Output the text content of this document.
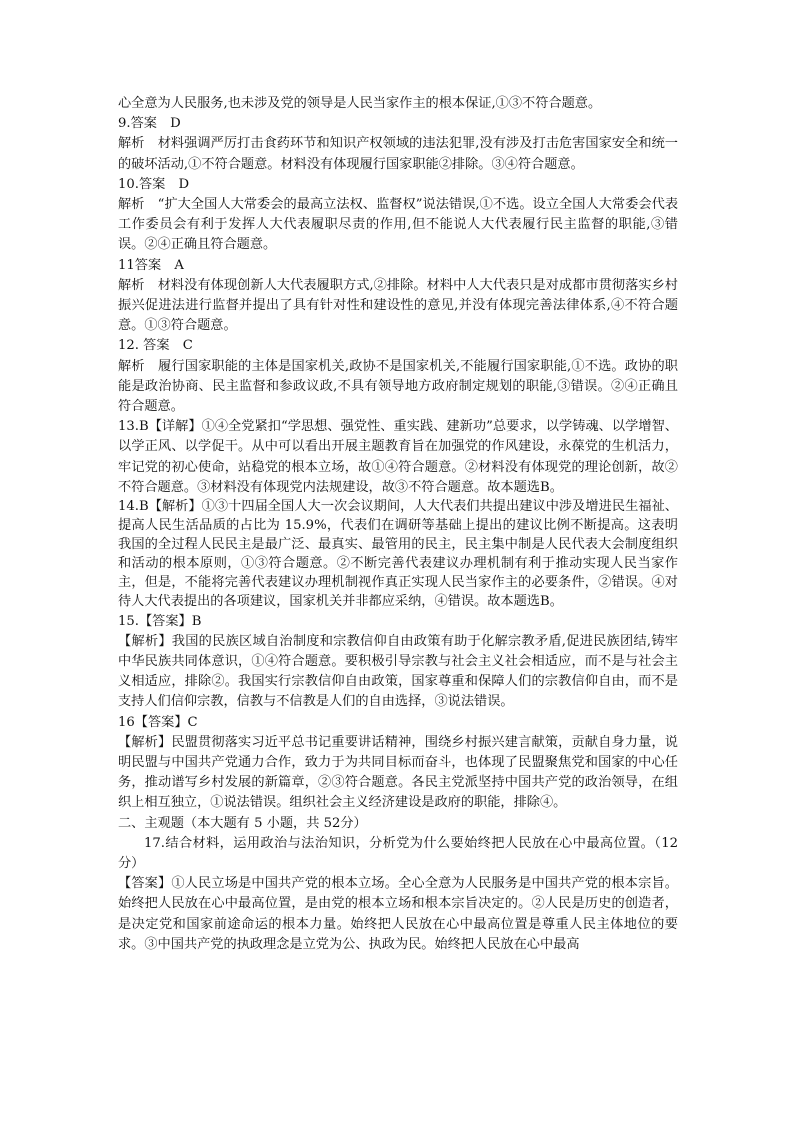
心全意为人民服务,也未涉及党的领导是人民当家作主的根本保证,①③不符合题意。

9.答案　D

解析　材料强调严厉打击食药环节和知识产权领域的违法犯罪,没有涉及打击危害国家安全和统一的破坏活动,①不符合题意。材料没有体现履行国家职能②排除。③④符合题意。

10.答案　D

解析　“扩大全国人大常委会的最高立法权、监督权”说法错误,①不选。设立全国人大常委会代表工作委员会有利于发挥人大代表履职尽责的作用,但不能说人大代表履行民主监督的职能,③错误。②④正确且符合题意。

11答案　A

解析　材料没有体现创新人大代表履职方式,②排除。材料中人大代表只是对成都市贯彻落实乡村振兴促进法进行监督并提出了具有针对性和建设性的意见,并没有体现完善法律体系,④不符合题意。①③符合题意。

12. 答案　C

解析　履行国家职能的主体是国家机关,政协不是国家机关,不能履行国家职能,①不选。政协的职能是政治协商、民主监督和参政议政,不具有领导地方政府制定规划的职能,③错误。②④正确且符合题意。

13.B【详解】①④全党紧扣“学思想、强党性、重实践、建新功”总要求，以学铸魂、以学增智、以学正风、以学促干。从中可以看出开展主题教育旨在加强党的作风建设，永葆党的生机活力，牢记党的初心使命，站稳党的根本立场，故①④符合题意。②材料没有体现党的理论创新，故②不符合题意。③材料没有体现党内法规建设，故③不符合题意。故本题选B。

14.B【解析】①③十四届全国人大一次会议期间，人大代表们共提出建议中涉及增进民生福祉、提高人民生活品质的占比为 15.9%，代表们在调研等基础上提出的建议比例不断提高。这表明我国的全过程人民民主是最广泛、最真实、最管用的民主，民主集中制是人民代表大会制度组织和活动的根本原则，①③符合题意。②不断完善代表建议办理机制有利于推动实现人民当家作主，但是，不能将完善代表建议办理机制视作真正实现人民当家作主的必要条件，②错误。④对待人大代表提出的各项建议，国家机关并非都应采纳，④错误。故本题选B。

15.【答案】B

【解析】我国的民族区域自治制度和宗教信仰自由政策有助于化解宗教矛盾,促进民族团结,铸牢中华民族共同体意识，①④符合题意。要积极引导宗教与社会主义社会相适应，而不是与社会主义相适应，排除②。我国实行宗教信仰自由政策，国家尊重和保障人们的宗教信仰自由，而不是支持人们信仰宗教，信教与不信教是人们的自由选择，③说法错误。

16【答案】C

【解析】民盟贯彻落实习近平总书记重要讲话精神，围绕乡村振兴建言献策，贡献自身力量，说明民盟与中国共产党通力合作，致力于为共同目标而奋斗，也体现了民盟聚焦党和国家的中心任务，推动谱写乡村发展的新篇章，②③符合题意。各民主党派坚持中国共产党的政治领导，在组织上相互独立，①说法错误。组织社会主义经济建设是政府的职能，排除④。

二、主观题（本大题有 5 小题，共 52分）

17.结合材料，运用政治与法治知识，分析党为什么要始终把人民放在心中最高位置。（12分）

【答案】①人民立场是中国共产党的根本立场。全心全意为人民服务是中国共产党的根本宗旨。始终把人民放在心中最高位置，是由党的根本立场和根本宗旨决定的。②人民是历史的创造者，是决定党和国家前途命运的根本力量。始终把人民放在心中最高位置是尊重人民主体地位的要求。③中国共产党的执政理念是立党为公、执政为民。始终把人民放在心中最高
